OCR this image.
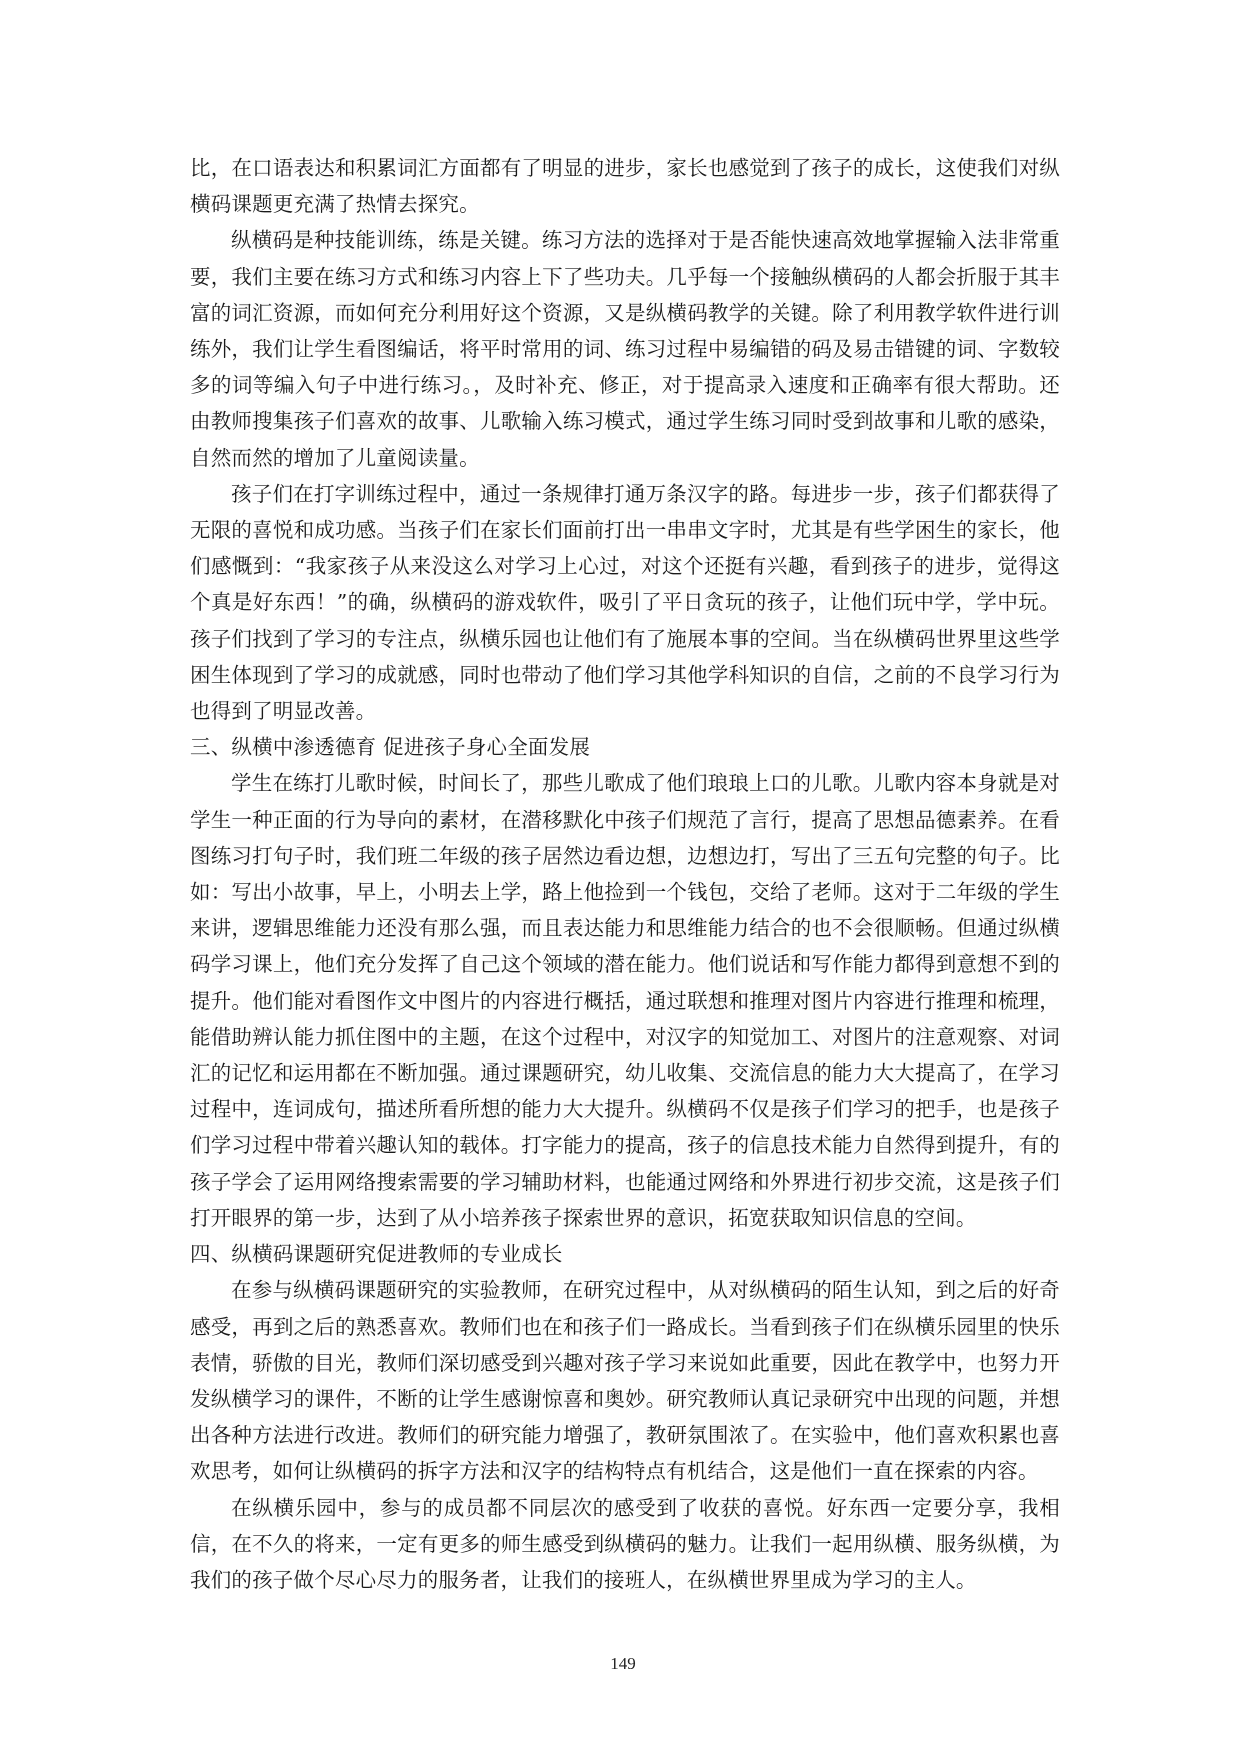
比，在口语表达和积累词汇方面都有了明显的进步，家长也感觉到了孩子的成长，这使我们对纵横码课题更充满了热情去探究。

纵横码是种技能训练，练是关键。练习方法的选择对于是否能快速高效地掌握输入法非常重要，我们主要在练习方式和练习内容上下了些功夫。几乎每一个接触纵横码的人都会折服于其丰富的词汇资源，而如何充分利用好这个资源，又是纵横码教学的关键。除了利用教学软件进行训练外，我们让学生看图编话，将平时常用的词、练习过程中易编错的码及易击错键的词、字数较多的词等编入句子中进行练习。，及时补充、修正，对于提高录入速度和正确率有很大帮助。还由教师搜集孩子们喜欢的故事、儿歌输入练习模式，通过学生练习同时受到故事和儿歌的感染，自然而然的增加了儿童阅读量。

孩子们在打字训练过程中，通过一条规律打通万条汉字的路。每进步一步，孩子们都获得了无限的喜悦和成功感。当孩子们在家长们面前打出一串串文字时，尤其是有些学困生的家长，他们感慨到：“我家孩子从来没这么对学习上心过，对这个还挺有兴趣，看到孩子的进步，觉得这个真是好东西！”的确，纵横码的游戏软件，吸引了平日贪玩的孩子，让他们玩中学，学中玩。孩子们找到了学习的专注点，纵横乐园也让他们有了施展本事的空间。当在纵横码世界里这些学困生体现到了学习的成就感，同时也带动了他们学习其他学科知识的自信，之前的不良学习行为也得到了明显改善。

三、纵横中渗透德育 促进孩子身心全面发展

学生在练打儿歌时候，时间长了，那些儿歌成了他们琅琅上口的儿歌。儿歌内容本身就是对学生一种正面的行为导向的素材，在潜移默化中孩子们规范了言行，提高了思想品德素养。在看图练习打句子时，我们班二年级的孩子居然边看边想，边想边打，写出了三五句完整的句子。比如：写出小故事，早上，小明去上学，路上他捡到一个钱包，交给了老师。这对于二年级的学生来讲，逻辑思维能力还没有那么强，而且表达能力和思维能力结合的也不会很顺畅。但通过纵横码学习课上，他们充分发挥了自己这个领域的潜在能力。他们说话和写作能力都得到意想不到的提升。他们能对看图作文中图片的内容进行概括，通过联想和推理对图片内容进行推理和梳理，能借助辨认能力抓住图中的主题，在这个过程中，对汉字的知觉加工、对图片的注意观察、对词汇的记忆和运用都在不断加强。通过课题研究，幼儿收集、交流信息的能力大大提高了，在学习过程中，连词成句，描述所看所想的能力大大提升。纵横码不仅是孩子们学习的把手，也是孩子们学习过程中带着兴趣认知的载体。打字能力的提高，孩子的信息技术能力自然得到提升，有的孩子学会了运用网络搜索需要的学习辅助材料，也能通过网络和外界进行初步交流，这是孩子们打开眼界的第一步，达到了从小培养孩子探索世界的意识，拓宽获取知识信息的空间。

四、纵横码课题研究促进教师的专业成长

在参与纵横码课题研究的实验教师，在研究过程中，从对纵横码的陌生认知，到之后的好奇感受，再到之后的熟悉喜欢。教师们也在和孩子们一路成长。当看到孩子们在纵横乐园里的快乐表情，骄傲的目光，教师们深切感受到兴趣对孩子学习来说如此重要，因此在教学中，也努力开发纵横学习的课件，不断的让学生感谢惊喜和奥妙。研究教师认真记录研究中出现的问题，并想出各种方法进行改进。教师们的研究能力增强了，教研氛围浓了。在实验中，他们喜欢积累也喜欢思考，如何让纵横码的拆字方法和汉字的结构特点有机结合，这是他们一直在探索的内容。

在纵横乐园中，参与的成员都不同层次的感受到了收获的喜悦。好东西一定要分享，我相信，在不久的将来，一定有更多的师生感受到纵横码的魅力。让我们一起用纵横、服务纵横，为我们的孩子做个尽心尽力的服务者，让我们的接班人，在纵横世界里成为学习的主人。

149
